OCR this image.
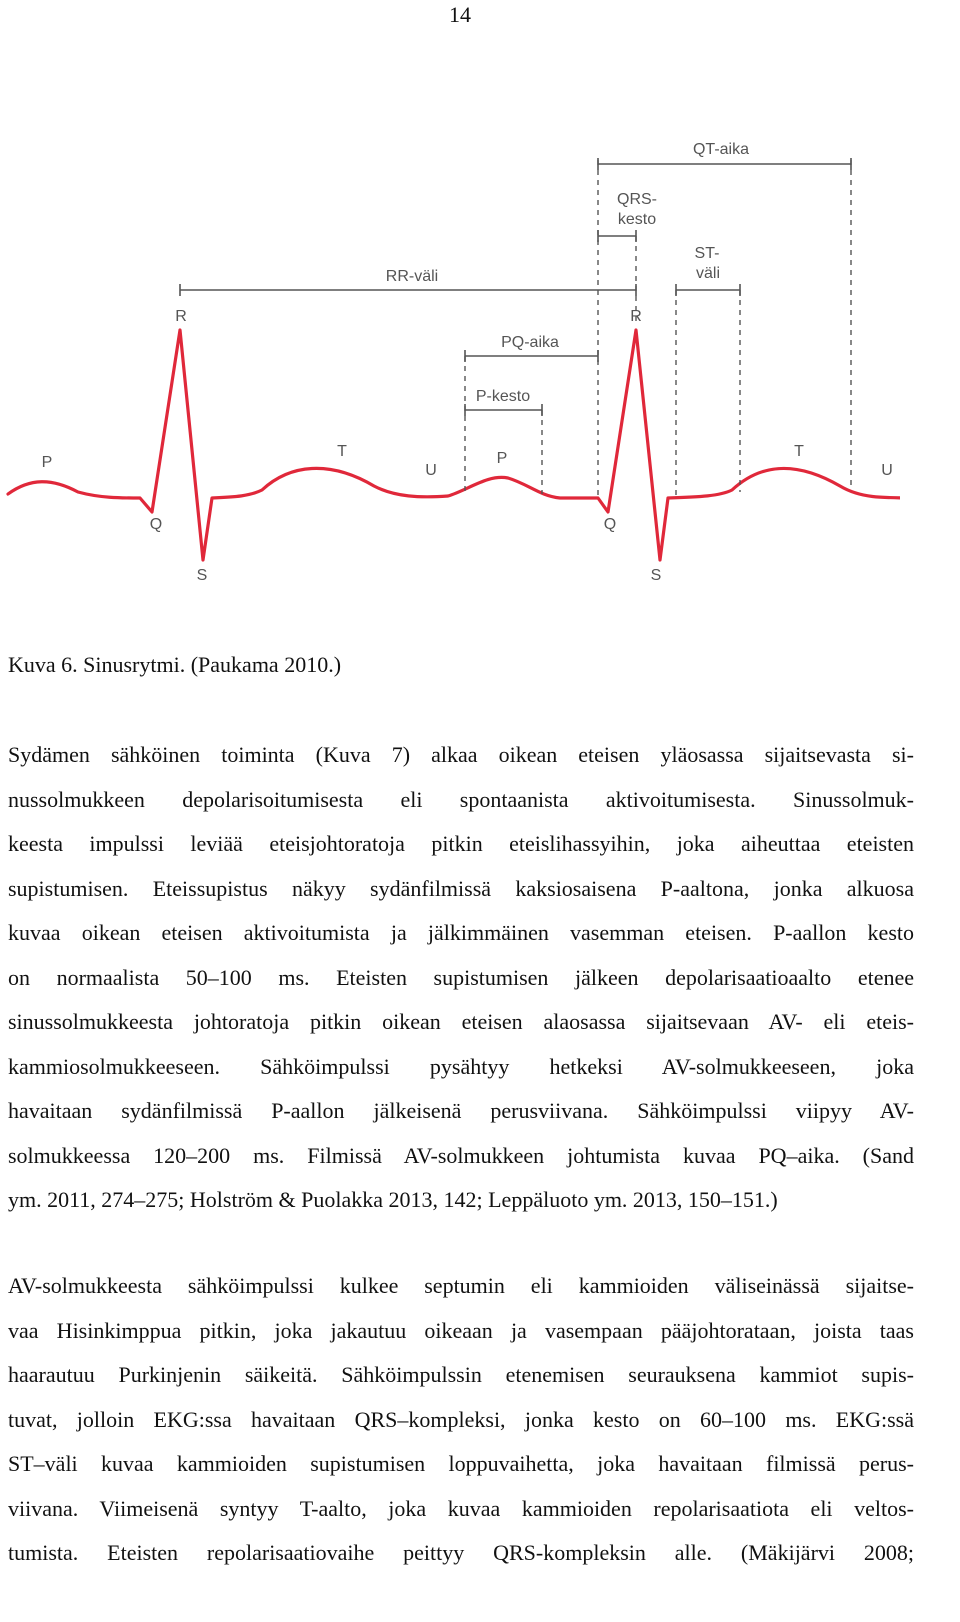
14
QT-aika
QRS-
kesto
ST-
väli
RR-väli
PQ-aika
P-kesto
R	R
P	P
Q	Q
S	S
T	T
U	U
Kuva 6. Sinusrytmi. (Paukama 2010.)
Sydämen sähköinen toiminta (Kuva 7) alkaa oikean eteisen yläosassa sijaitsevasta si-
nussolmukkeen depolarisoitumisesta eli spontaanista aktivoitumisesta. Sinussolmuk-
keesta impulssi leviää eteisjohtoratoja pitkin eteislihassyihin, joka aiheuttaa eteisten
supistumisen. Eteissupistus näkyy sydänfilmissä kaksiosaisena P-aaltona, jonka alkuosa
kuvaa oikean eteisen aktivoitumista ja jälkimmäinen vasemman eteisen. P-aallon kesto
on normaalista 50–100 ms. Eteisten supistumisen jälkeen depolarisaatioaalto etenee
sinussolmukkeesta johtoratoja pitkin oikean eteisen alaosassa sijaitsevaan AV- eli eteis-
kammiosolmukkeeseen. Sähköimpulssi pysähtyy hetkeksi AV-solmukkeeseen, joka
havaitaan sydänfilmissä P-aallon jälkeisenä perusviivana. Sähköimpulssi viipyy AV-
solmukkeessa 120–200 ms. Filmissä AV-solmukkeen johtumista kuvaa PQ–aika. (Sand
ym. 2011, 274–275; Holström & Puolakka 2013, 142; Leppäluoto ym. 2013, 150–151.)
AV-solmukkeesta sähköimpulssi kulkee septumin eli kammioiden väliseinässä sijaitse-
vaa Hisinkimppua pitkin, joka jakautuu oikeaan ja vasempaan pääjohtorataan, joista taas
haarautuu Purkinjenin säikeitä. Sähköimpulssin etenemisen seurauksena kammiot supis-
tuvat, jolloin EKG:ssa havaitaan QRS–kompleksi, jonka kesto on 60–100 ms. EKG:ssä
ST–väli kuvaa kammioiden supistumisen loppuvaihetta, joka havaitaan filmissä perus-
viivana. Viimeisenä syntyy T-aalto, joka kuvaa kammioiden repolarisaatiota eli veltos-
tumista. Eteisten repolarisaatiovaihe peittyy QRS-kompleksin alle. (Mäkijärvi 2008;
